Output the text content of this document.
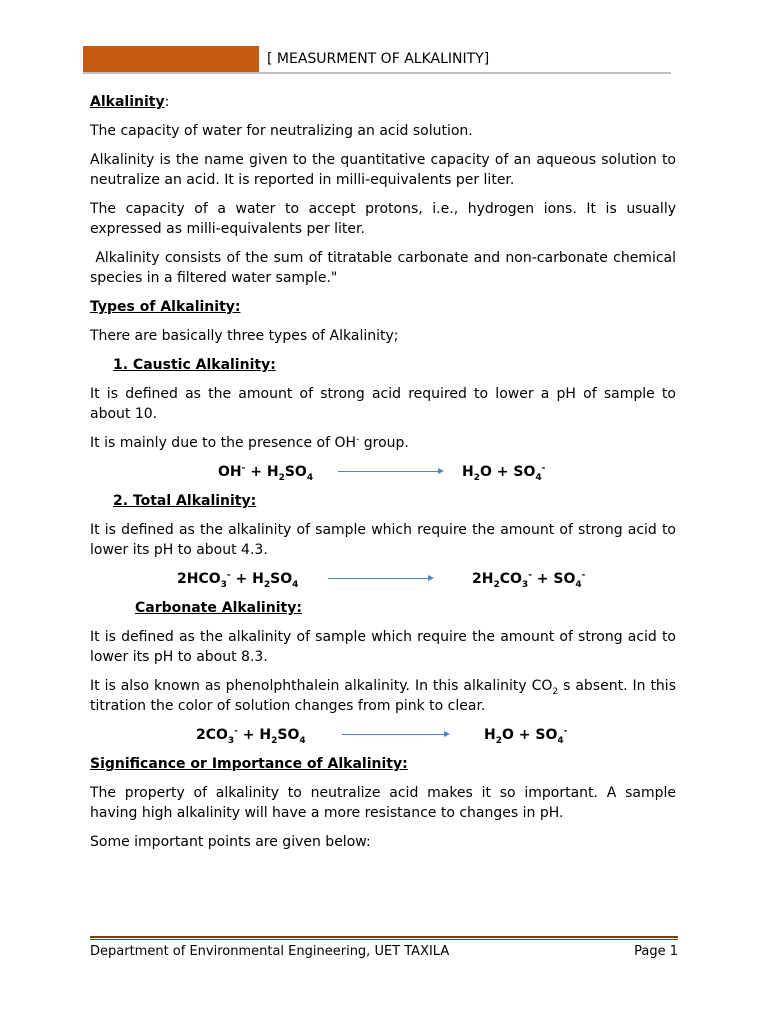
[ MEASURMENT OF ALKALINITY]
Alkalinity:

The capacity of water for neutralizing an acid solution.

Alkalinity is the name given to the quantitative capacity of an aqueous solution to neutralize an acid. It is reported in milli-equivalents per liter.

The capacity of a water to accept protons, i.e., hydrogen ions. It is usually expressed as milli-equivalents per liter.

Alkalinity consists of the sum of titratable carbonate and non-carbonate chemical species in a filtered water sample."

Types of Alkalinity:

There are basically three types of Alkalinity;

1. Caustic Alkalinity:

It is defined as the amount of strong acid required to lower a pH of sample to about 10.

It is mainly due to the presence of OH- group.

$OH^- + H_2SO_4$	$H_2O + SO_4^-$
2. Total Alkalinity:

It is defined as the alkalinity of sample which require the amount of strong acid to lower its pH to about 4.3.

$2HCO_3^- + H_2SO_4$	$2H_2CO_3^- + SO_4^-$
Carbonate Alkalinity:

It is defined as the alkalinity of sample which require the amount of strong acid to lower its pH to about 8.3.

It is also known as phenolphthalein alkalinity. In this alkalinity $CO_2$ s absent. In this titration the color of solution changes from pink to clear.

$2CO_3^- + H_2SO_4$	$H_2O + SO_4^-$
Significance or Importance of Alkalinity:

The property of alkalinity to neutralize acid makes it so important. A sample having high alkalinity will have a more resistance to changes in pH.

Some important points are given below:

Department of Environmental Engineering, UET TAXILA	Page 1
